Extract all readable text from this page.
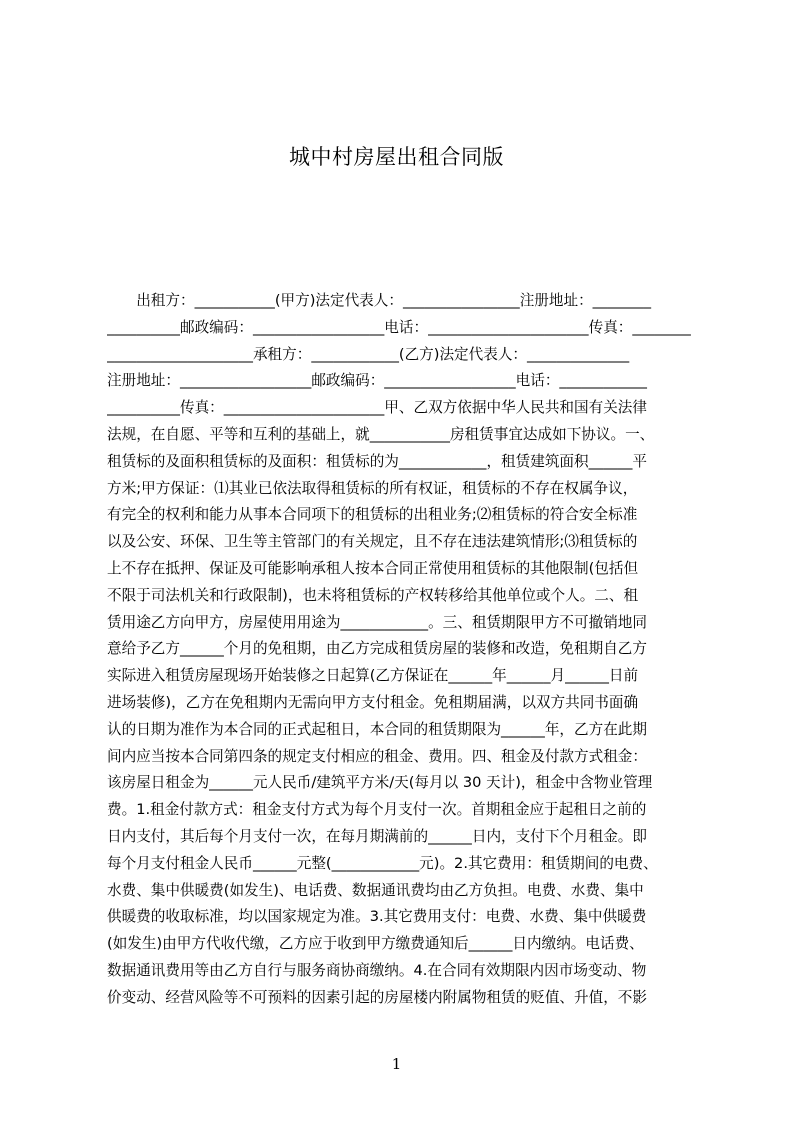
城中村房屋出租合同版
　　出租方：___________(甲方)法定代表人：________________注册地址：________
__________邮政编码：__________________电话：______________________传真：________
____________________承租方：____________(乙方)法定代表人：______________
注册地址：__________________邮政编码：__________________电话：____________
__________传真：______________________甲、乙双方依据中华人民共和国有关法律
法规，在自愿、平等和互利的基础上，就___________房租赁事宜达成如下协议。一、
租赁标的及面积租赁标的及面积：租赁标的为____________，租赁建筑面积______平
方米;甲方保证：⑴其业已依法取得租赁标的所有权证，租赁标的不存在权属争议，
有完全的权利和能力从事本合同项下的租赁标的出租业务;⑵租赁标的符合安全标准
以及公安、环保、卫生等主管部门的有关规定，且不存在违法建筑情形;⑶租赁标的
上不存在抵押、保证及可能影响承租人按本合同正常使用租赁标的其他限制(包括但
不限于司法机关和行政限制)，也未将租赁标的产权转移给其他单位或个人。二、租
赁用途乙方向甲方，房屋使用用途为____________。三、租赁期限甲方不可撤销地同
意给予乙方______个月的免租期，由乙方完成租赁房屋的装修和改造，免租期自乙方
实际进入租赁房屋现场开始装修之日起算(乙方保证在______年______月______日前
进场装修)，乙方在免租期内无需向甲方支付租金。免租期届满，以双方共同书面确
认的日期为准作为本合同的正式起租日，本合同的租赁期限为______年，乙方在此期
间内应当按本合同第四条的规定支付相应的租金、费用。四、租金及付款方式租金：
该房屋日租金为______元人民币/建筑平方米/天(每月以 30 天计)，租金中含物业管理
费。1.租金付款方式：租金支付方式为每个月支付一次。首期租金应于起租日之前的
日内支付，其后每个月支付一次，在每月期满前的______日内，支付下个月租金。即
每个月支付租金人民币______元整(____________元)。2.其它费用：租赁期间的电费、
水费、集中供暖费(如发生)、电话费、数据通讯费均由乙方负担。电费、水费、集中
供暖费的收取标准，均以国家规定为准。3.其它费用支付：电费、水费、集中供暖费
(如发生)由甲方代收代缴，乙方应于收到甲方缴费通知后______日内缴纳。电话费、
数据通讯费用等由乙方自行与服务商协商缴纳。4.在合同有效期限内因市场变动、物
价变动、经营风险等不可预料的因素引起的房屋楼内附属物租赁的贬值、升值，不影
1
